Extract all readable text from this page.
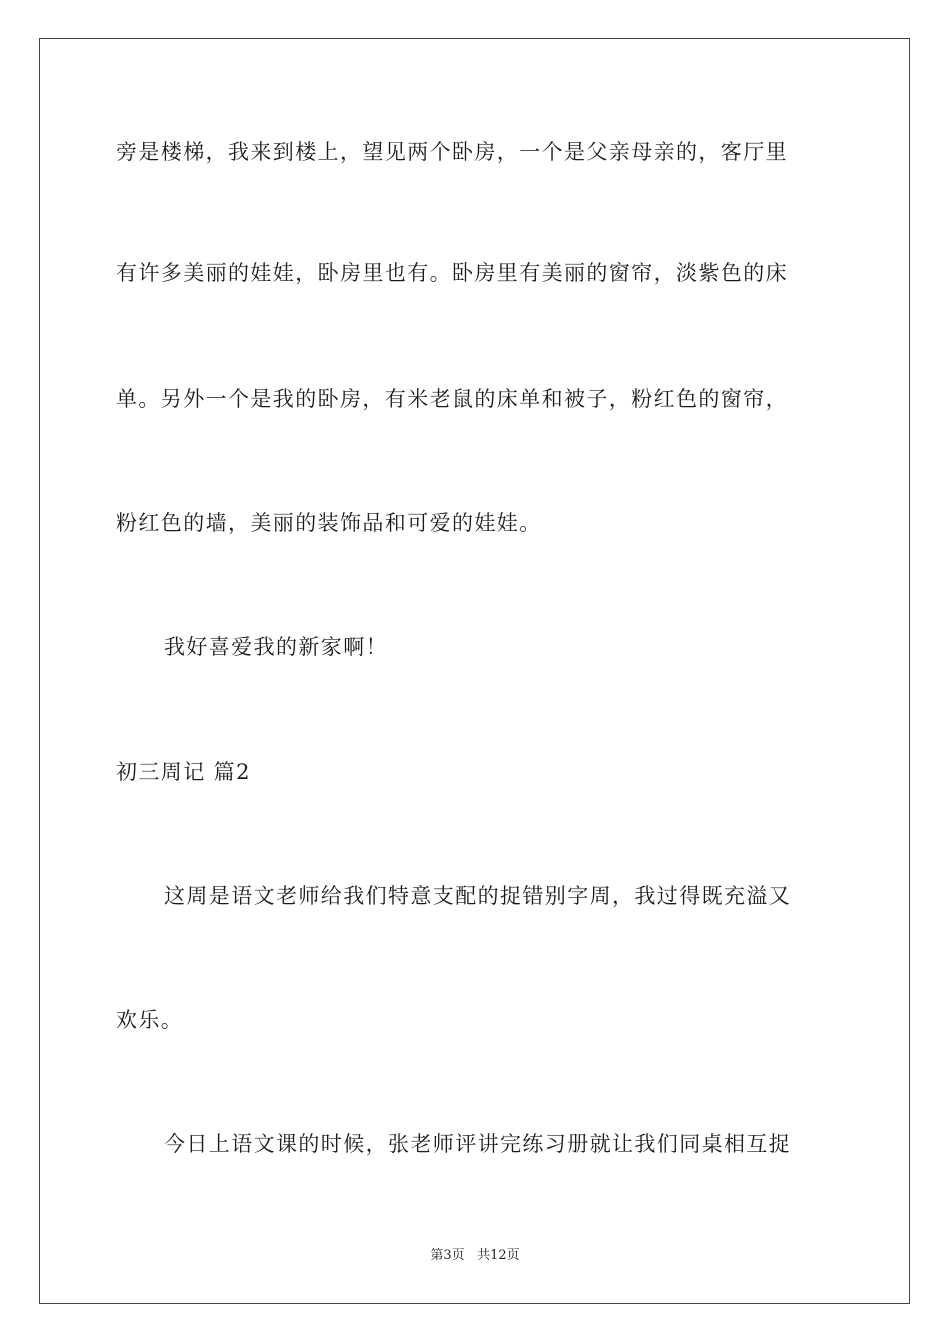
旁是楼梯，我来到楼上，望见两个卧房，一个是父亲母亲的，客厅里
有许多美丽的娃娃，卧房里也有。卧房里有美丽的窗帘，淡紫色的床
单。另外一个是我的卧房，有米老鼠的床单和被子，粉红色的窗帘，
粉红色的墙，美丽的装饰品和可爱的娃娃。
我好喜爱我的新家啊！
初三周记 篇2
这周是语文老师给我们特意支配的捉错别字周，我过得既充溢又
欢乐。
今日上语文课的时候，张老师评讲完练习册就让我们同桌相互捉
第3页 共12页
